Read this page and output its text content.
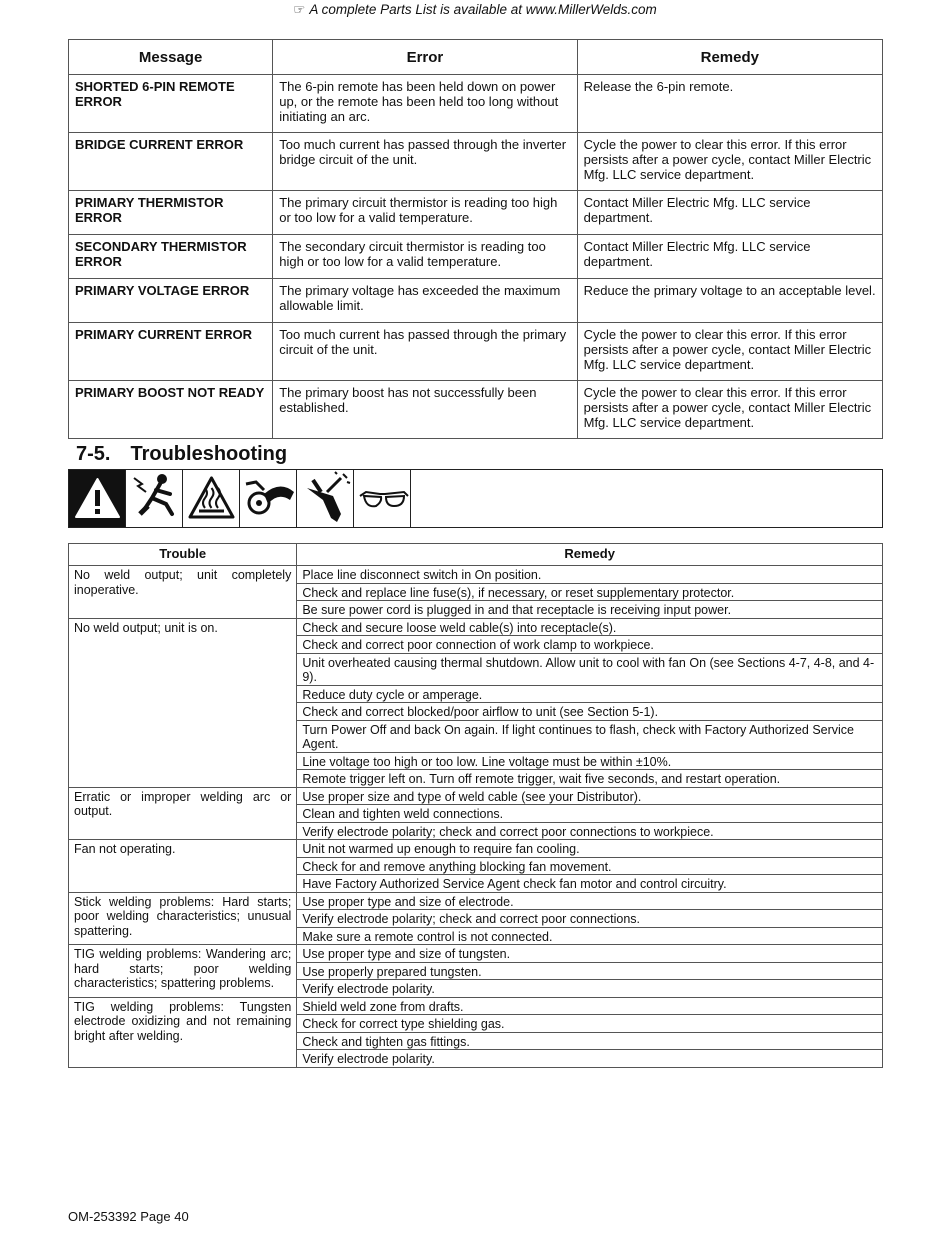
☞ A complete Parts List is available at www.MillerWelds.com
Message	Error	Remedy
SHORTED 6-PIN REMOTE ERROR	The 6-pin remote has been held down on power up, or the remote has been held too long without initiating an arc.	Release the 6-pin remote.
BRIDGE CURRENT ERROR	Too much current has passed through the inverter bridge circuit of the unit.	Cycle the power to clear this error. If this error persists after a power cycle, contact Miller Electric Mfg. LLC service department.
PRIMARY THERMISTOR ERROR	The primary circuit thermistor is reading too high or too low for a valid temperature.	Contact Miller Electric Mfg. LLC service department.
SECONDARY THERMISTOR ERROR	The secondary circuit thermistor is reading too high or too low for a valid temperature.	Contact Miller Electric Mfg. LLC service department.
PRIMARY VOLTAGE ERROR	The primary voltage has exceeded the maximum allowable limit.	Reduce the primary voltage to an acceptable level.
PRIMARY CURRENT ERROR	Too much current has passed through the primary circuit of the unit.	Cycle the power to clear this error. If this error persists after a power cycle, contact Miller Electric Mfg. LLC service department.
PRIMARY BOOST NOT READY	The primary boost has not successfully been established.	Cycle the power to clear this error. If this error persists after a power cycle, contact Miller Electric Mfg. LLC service department.
7-5. Troubleshooting
Trouble	Remedy
No weld output; unit completely inoperative.	Place line disconnect switch in On position.
	Check and replace line fuse(s), if necessary, or reset supplementary protector.
	Be sure power cord is plugged in and that receptacle is receiving input power.
No weld output; unit is on.	Check and secure loose weld cable(s) into receptacle(s).
	Check and correct poor connection of work clamp to workpiece.
	Unit overheated causing thermal shutdown. Allow unit to cool with fan On (see Sections 4-7, 4-8, and 4-9).
	Reduce duty cycle or amperage.
	Check and correct blocked/poor airflow to unit (see Section 5-1).
	Turn Power Off and back On again. If light continues to flash, check with Factory Authorized Service Agent.
	Line voltage too high or too low. Line voltage must be within ±10%.
	Remote trigger left on. Turn off remote trigger, wait five seconds, and restart operation.
Erratic or improper welding arc or output.	Use proper size and type of weld cable (see your Distributor).
	Clean and tighten weld connections.
	Verify electrode polarity; check and correct poor connections to workpiece.
Fan not operating.	Unit not warmed up enough to require fan cooling.
	Check for and remove anything blocking fan movement.
	Have Factory Authorized Service Agent check fan motor and control circuitry.
Stick welding problems: Hard starts; poor welding characteristics; unusual spattering.	Use proper type and size of electrode.
	Verify electrode polarity; check and correct poor connections.
	Make sure a remote control is not connected.
TIG welding problems: Wandering arc; hard starts; poor welding characteristics; spattering problems.	Use proper type and size of tungsten.
	Use properly prepared tungsten.
	Verify electrode polarity.
TIG welding problems: Tungsten electrode oxidizing and not remaining bright after welding.	Shield weld zone from drafts.
	Check for correct type shielding gas.
	Check and tighten gas fittings.
	Verify electrode polarity.
OM-253392 Page 40
